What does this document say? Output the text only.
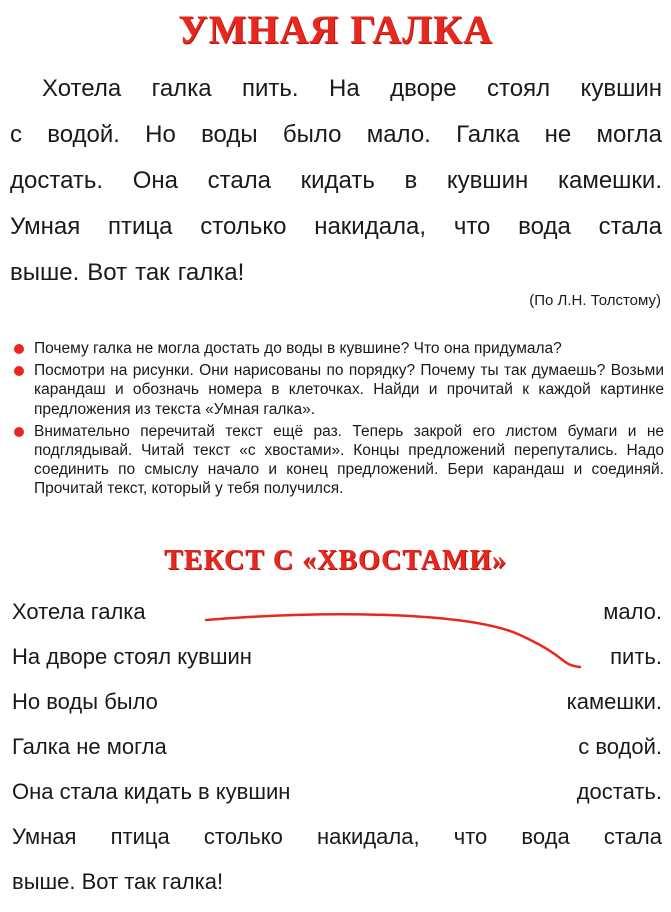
УМНАЯ ГАЛКА
Хотела галка пить. На дворе стоял кувшин
с водой. Но воды было мало. Галка не могла
достать. Она стала кидать в кувшин камешки.
Умная птица столько накидала, что вода стала
выше. Вот так галка!

(По Л.Н. Толстому)

Почему галка не могла достать до воды в кувшине? Что она придумала?
Посмотри на рисунки. Они нарисованы по порядку? Почему ты так думаешь? Возьми карандаш и обозначь номера в клеточках. Найди и прочитай к каждой картинке предложения из текста «Умная галка».
Внимательно перечитай текст ещё раз. Теперь закрой его листом бумаги и не подглядывай. Читай текст «с хвостами». Концы предложений перепутались. Надо соединить по смыслу начало и конец предложений. Бери карандаш и соединяй. Прочитай текст, который у тебя получился.
ТЕКСТ С «ХВОСТАМИ»
Хотела галка	мало.
На дворе стоял кувшин	пить.
Но воды было	камешки.
Галка не могла	с водой.
Она стала кидать в кувшин	достать.
Умная птица столько накидала, что вода стала
выше. Вот так галка!
